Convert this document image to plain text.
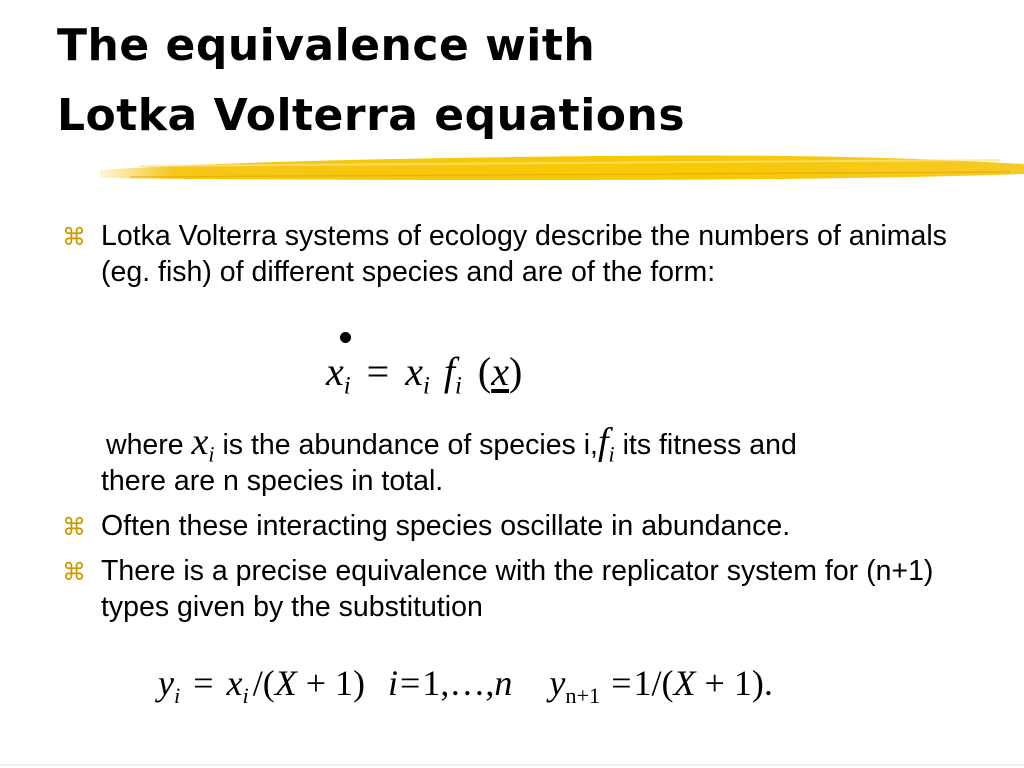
The equivalence with
Lotka Volterra equations
⌘ Lotka Volterra systems of ecology describe the numbers of animals (eg. fish) of different species and are of the form:

$x_i = x_i$ $f_i$ (x)
where $x_i$ is the abundance of species $i,f_i$ its fitness and

there are n species in total.

⌘ Often these interacting species oscillate in abundance.

⌘ There is a precise equivalence with the replicator system for (n+1) types given by the substitution

$y_i = x_i$ /(X + 1) i=1,…,n $y_{n+1} =1/(X + 1)$.
